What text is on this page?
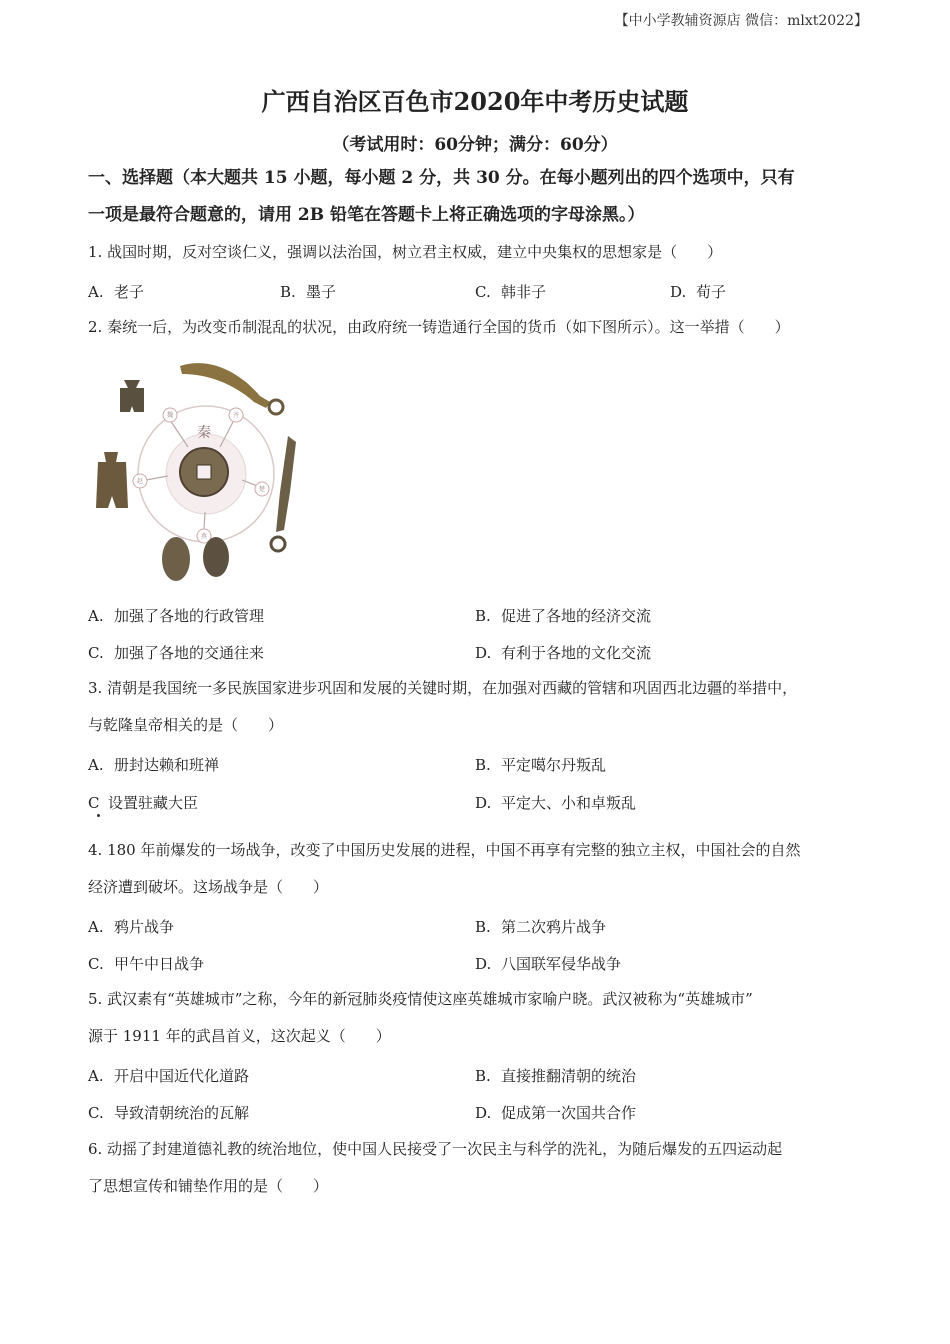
【中小学教辅资源店 微信：mlxt2022】
广西自治区百色市2020年中考历史试题
（考试用时：60分钟；满分：60分）
一、选择题（本大题共 15 小题，每小题 2 分，共 30 分。在每小题列出的四个选项中，只有
一项是最符合题意的，请用 2B 铅笔在答题卡上将正确选项的字母涂黑。）
1. 战国时期，反对空谈仁义，强调以法治国，树立君主权威，建立中央集权的思想家是（　　）
A. 老子	B. 墨子	C. 韩非子	D. 荀子
2. 秦统一后，为改变币制混乱的状况，由政府统一铸造通行全国的货币（如下图所示）。这一举措（　　）
魏	齐
赵
楚
燕
秦
A. 加强了各地的行政管理	B. 促进了各地的经济交流
C. 加强了各地的交通往来	D. 有利于各地的文化交流
3. 清朝是我国统一多民族国家进步巩固和发展的关键时期，在加强对西藏的管辖和巩固西北边疆的举措中，
与乾隆皇帝相关的是（　　）
A. 册封达赖和班禅	B. 平定噶尔丹叛乱
C 设置驻藏大臣	D. 平定大、小和卓叛乱
4. 180 年前爆发的一场战争，改变了中国历史发展的进程，中国不再享有完整的独立主权，中国社会的自然
经济遭到破坏。这场战争是（　　）
A. 鸦片战争	B. 第二次鸦片战争
C. 甲午中日战争	D. 八国联军侵华战争
5. 武汉素有“英雄城市”之称，今年的新冠肺炎疫情使这座英雄城市家喻户晓。武汉被称为“英雄城市”
源于 1911 年的武昌首义，这次起义（　　）
A. 开启中国近代化道路	B. 直接推翻清朝的统治
C. 导致清朝统治的瓦解	D. 促成第一次国共合作
6. 动摇了封建道德礼教的统治地位，使中国人民接受了一次民主与科学的洗礼，为随后爆发的五四运动起
了思想宣传和铺垫作用的是（　　）
